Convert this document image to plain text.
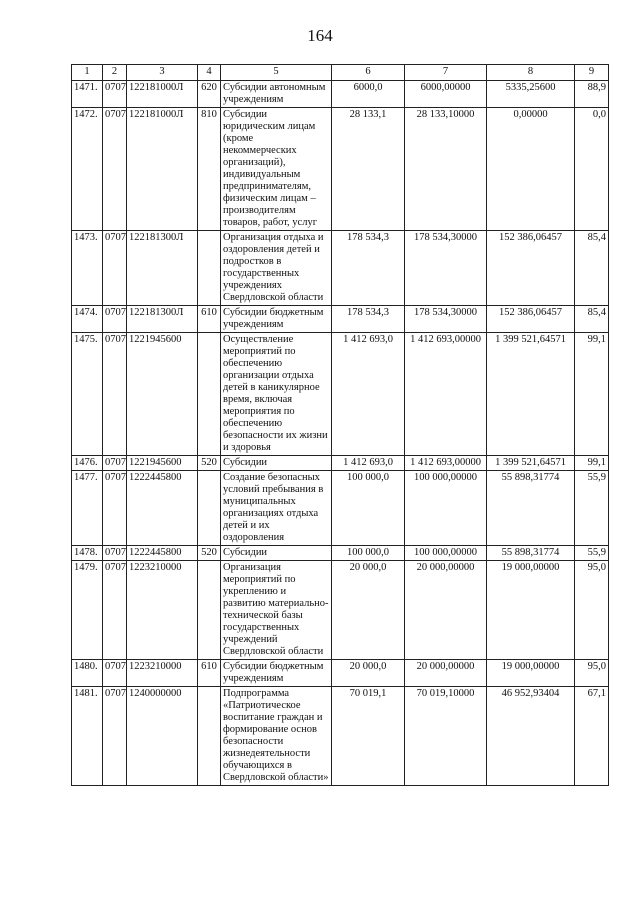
164
1	2	3	4	5	6	7	8	9
1471.	0707	122181000Л	620	Субсидии автономным учреждениям	6000,0	6000,00000	5335,25600	88,9
1472.	0707	122181000Л	810	Субсидии юридическим лицам (кроме некоммерческих организаций), индивидуальным предпринимателям, физическим лицам – производителям товаров, работ, услуг	28 133,1	28 133,10000	0,00000	0,0
1473.	0707	122181300Л		Организация отдыха и оздоровления детей и подростков в государственных учреждениях Свердловской области	178 534,3	178 534,30000	152 386,06457	85,4
1474.	0707	122181300Л	610	Субсидии бюджетным учреждениям	178 534,3	178 534,30000	152 386,06457	85,4
1475.	0707	1221945600		Осуществление мероприятий по обеспечению организации отдыха детей в каникулярное время, включая мероприятия по обеспечению безопасности их жизни и здоровья	1 412 693,0	1 412 693,00000	1 399 521,64571	99,1
1476.	0707	1221945600	520	Субсидии	1 412 693,0	1 412 693,00000	1 399 521,64571	99,1
1477.	0707	1222445800		Создание безопасных условий пребывания в муниципальных организациях отдыха детей и их оздоровления	100 000,0	100 000,00000	55 898,31774	55,9
1478.	0707	1222445800	520	Субсидии	100 000,0	100 000,00000	55 898,31774	55,9
1479.	0707	1223210000		Организация мероприятий по укреплению и развитию материально-технической базы государственных учреждений Свердловской области	20 000,0	20 000,00000	19 000,00000	95,0
1480.	0707	1223210000	610	Субсидии бюджетным учреждениям	20 000,0	20 000,00000	19 000,00000	95,0
1481.	0707	1240000000		Подпрограмма «Патриотическое воспитание граждан и формирование основ безопасности жизнедеятельности обучающихся в Свердловской области»	70 019,1	70 019,10000	46 952,93404	67,1
